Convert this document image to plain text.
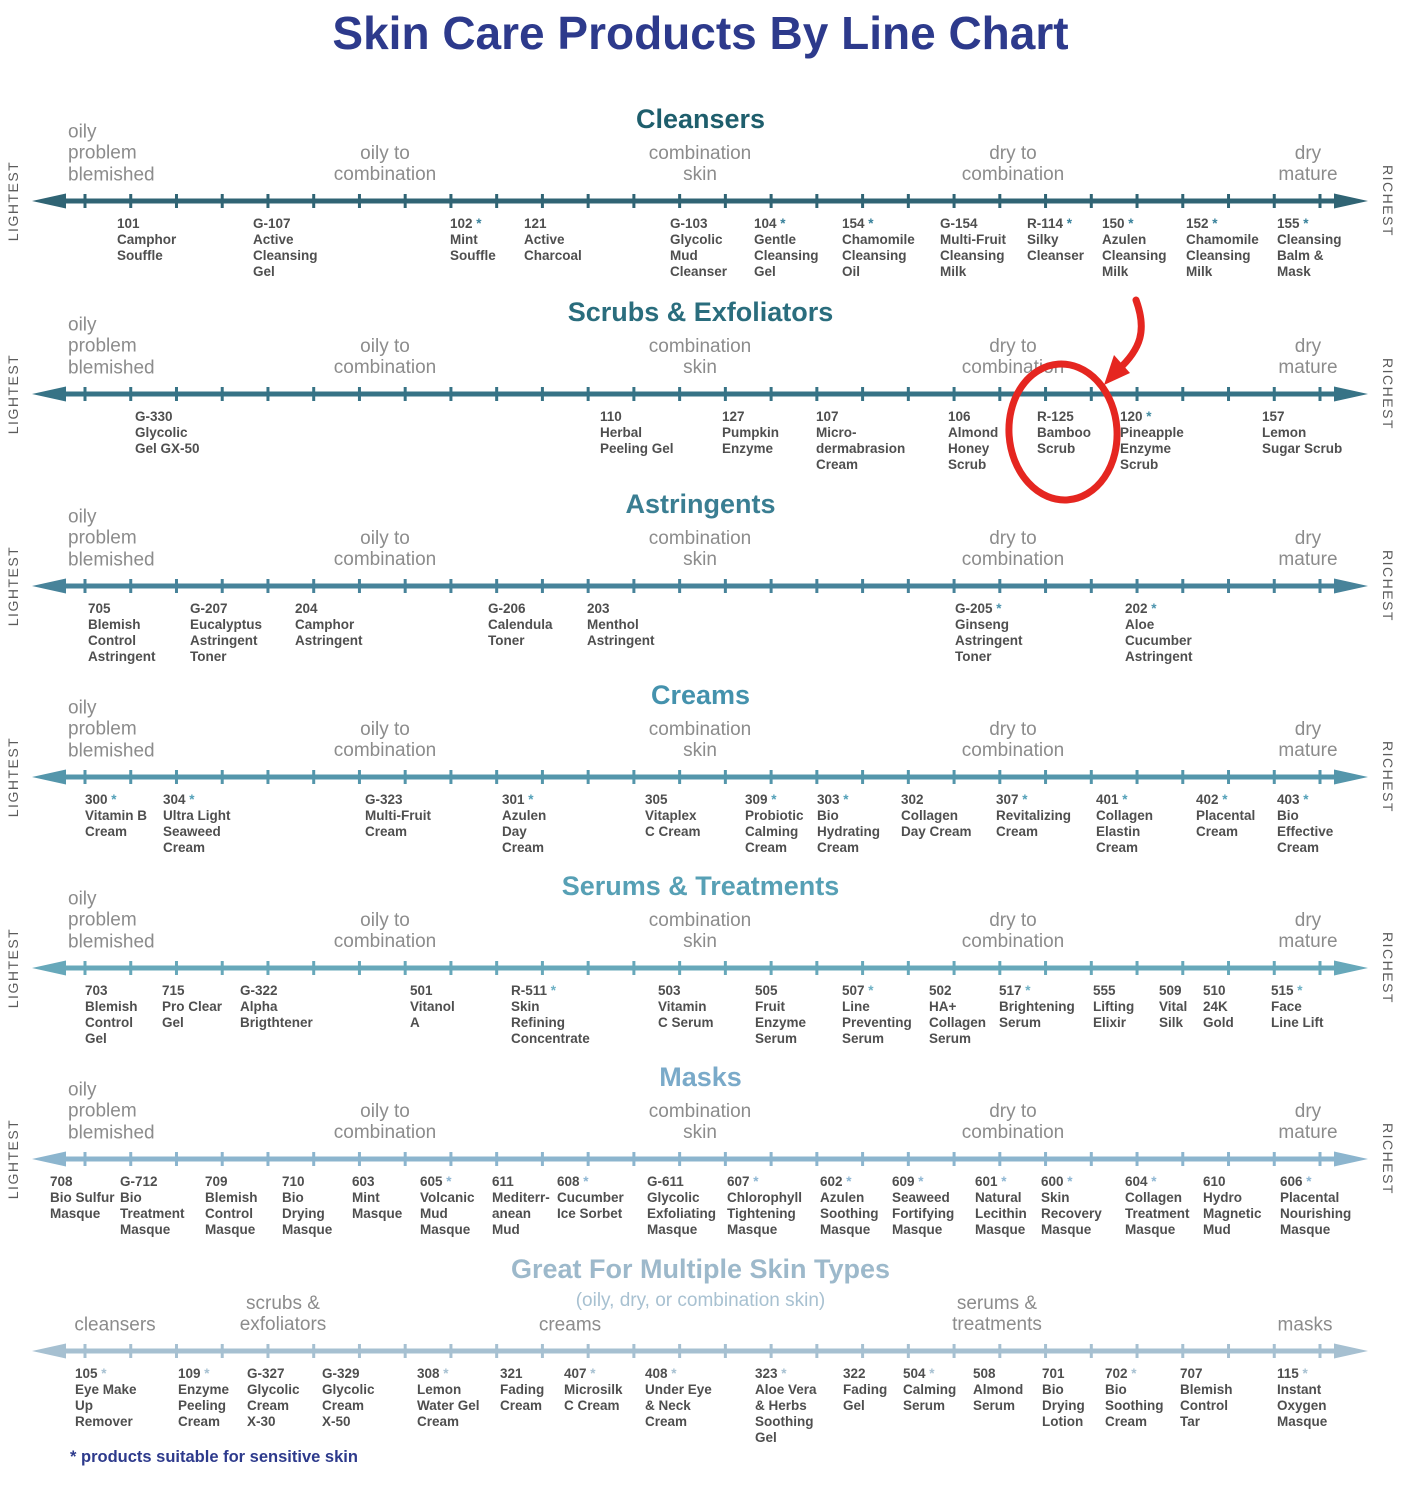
Skin Care Products By Line Chart
Cleansers
oily
problem
blemished
oily to
combination
combination
skin
dry to
combination
dry
mature
101
Camphor
Souffle
G-107
Active
Cleansing
Gel
102 *
Mint
Souffle
121
Active
Charcoal
G-103
Glycolic
Mud
Cleanser
104 *
Gentle
Cleansing
Gel
154 *
Chamomile
Cleansing
Oil
G-154
Multi-Fruit
Cleansing
Milk
R-114 *
Silky
Cleanser
150 *
Azulen
Cleansing
Milk
152 *
Chamomile
Cleansing
Milk
155 *
Cleansing
Balm &
Mask
LIGHTEST	RICHEST
Scrubs & Exfoliators
oily
problem
blemished
oily to
combination
combination
skin
dry to
combination
dry
mature
G-330
Glycolic
Gel GX-50
110
Herbal
Peeling Gel
127
Pumpkin
Enzyme
107
Micro-
dermabrasion
Cream
106
Almond
Honey
Scrub
R-125
Bamboo
Scrub
120 *
Pineapple
Enzyme
Scrub
157
Lemon
Sugar Scrub
LIGHTEST	RICHEST
Astringents
oily
problem
blemished
oily to
combination
combination
skin
dry to
combination
dry
mature
705
Blemish
Control
Astringent
G-207
Eucalyptus
Astringent
Toner
204
Camphor
Astringent
G-206
Calendula
Toner
203
Menthol
Astringent
G-205 *
Ginseng
Astringent
Toner
202 *
Aloe
Cucumber
Astringent
LIGHTEST	RICHEST
Creams
oily
problem
blemished
oily to
combination
combination
skin
dry to
combination
dry
mature
300 *
Vitamin B
Cream
304 *
Ultra Light
Seaweed
Cream
G-323
Multi-Fruit
Cream
301 *
Azulen
Day
Cream
305
Vitaplex
C Cream
309 *
Probiotic
Calming
Cream
303 *
Bio
Hydrating
Cream
302
Collagen
Day Cream
307 *
Revitalizing
Cream
401 *
Collagen
Elastin
Cream
402 *
Placental
Cream
403 *
Bio
Effective
Cream
LIGHTEST	RICHEST
Serums & Treatments
oily
problem
blemished
oily to
combination
combination
skin
dry to
combination
dry
mature
703
Blemish
Control
Gel
715
Pro Clear
Gel
G-322
Alpha
Brigthtener
501
Vitanol
A
R-511 *
Skin
Refining
Concentrate
503
Vitamin
C Serum
505
Fruit
Enzyme
Serum
507 *
Line
Preventing
Serum
502
HA+
Collagen
Serum
517 *
Brightening
Serum
555
Lifting
Elixir
509
Vital
Silk
510
24K
Gold
515 *
Face
Line Lift
LIGHTEST	RICHEST
Masks
oily
problem
blemished
oily to
combination
combination
skin
dry to
combination
dry
mature
708
Bio Sulfur
Masque
G-712
Bio
Treatment
Masque
709
Blemish
Control
Masque
710
Bio
Drying
Masque
603
Mint
Masque
605 *
Volcanic
Mud
Masque
611
Mediterr-
anean
Mud
608 *
Cucumber
Ice Sorbet
G-611
Glycolic
Exfoliating
Masque
607 *
Chlorophyll
Tightening
Masque
602 *
Azulen
Soothing
Masque
609 *
Seaweed
Fortifying
Masque
601 *
Natural
Lecithin
Masque
600 *
Skin
Recovery
Masque
604 *
Collagen
Treatment
Masque
610
Hydro
Magnetic
Mud
606 *
Placental
Nourishing
Masque
LIGHTEST	RICHEST
Great For Multiple Skin Types
(oily, dry, or combination skin)
cleansers
scrubs &
exfoliators	creams
serums &
treatments	masks
105 *
Eye Make
Up
Remover
109 *
Enzyme
Peeling
Cream
G-327
Glycolic
Cream
X-30
G-329
Glycolic
Cream
X-50
308 *
Lemon
Water Gel
Cream
321
Fading
Cream
407 *
Microsilk
C Cream
408 *
Under Eye
& Neck
Cream
323 *
Aloe Vera
& Herbs
Soothing
Gel
322
Fading
Gel
504 *
Calming
Serum
508
Almond
Serum
701
Bio
Drying
Lotion
702 *
Bio
Soothing
Cream
707
Blemish
Control
Tar
115 *
Instant
Oxygen
Masque
* products suitable for sensitive skin
